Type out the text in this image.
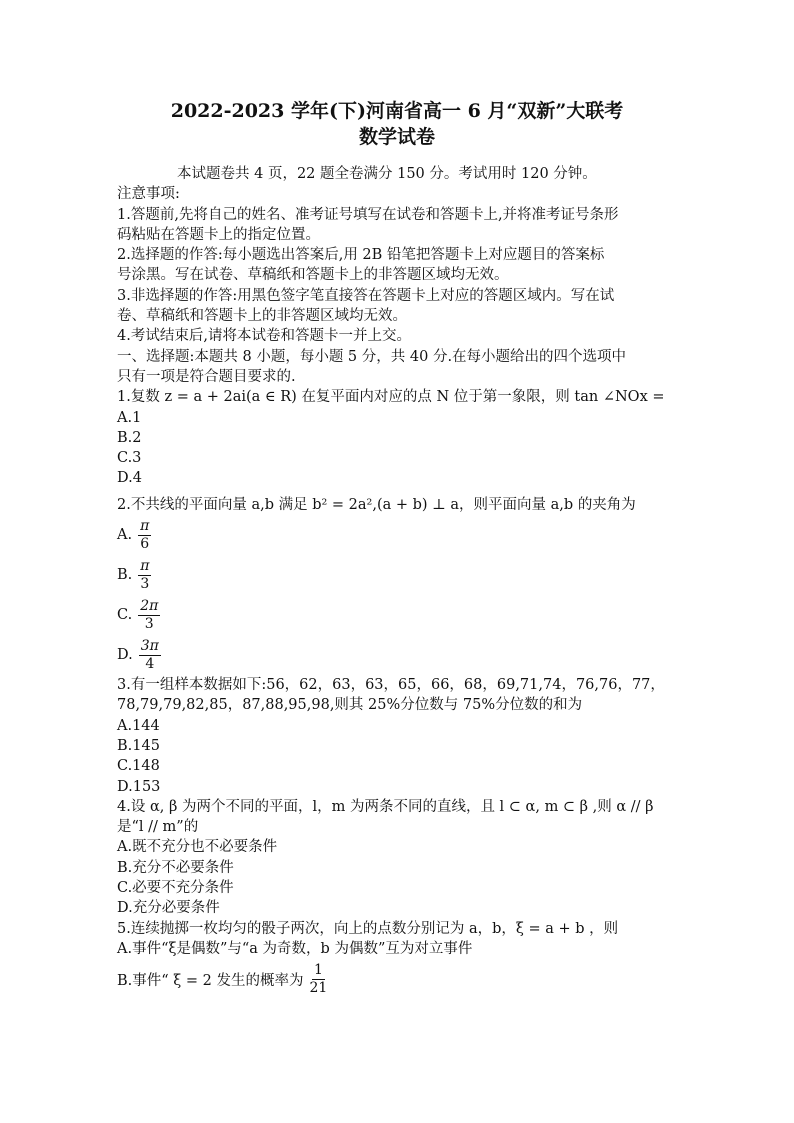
2022-2023 学年(下)河南省高一 6 月“双新”大联考

数学试卷

本试题卷共 4 页，22 题全卷满分 150 分。考试用时 120 分钟。

注意事项:

1.答题前,先将自己的姓名、准考证号填写在试卷和答题卡上,并将准考证号条形

码粘贴在答题卡上的指定位置。

2.选择题的作答:每小题选出答案后,用 2B 铅笔把答题卡上对应题目的答案标

号涂黑。写在试卷、草稿纸和答题卡上的非答题区域均无效。

3.非选择题的作答:用黑色签字笔直接答在答题卡上对应的答题区域内。写在试

卷、草稿纸和答题卡上的非答题区域均无效。

4.考试结束后,请将本试卷和答题卡一并上交。

一、选择题:本题共 8 小题，每小题 5 分，共 40 分.在每小题给出的四个选项中

只有一项是符合题目要求的.

1.复数 z = a + 2ai(a ∈ R) 在复平面内对应的点 N 位于第一象限，则 tan ∠NOx =

A.1

B.2

C.3

D.4

2.不共线的平面向量 a,b 满足 b² = 2a²,(a + b) ⊥ a，则平面向量 a,b 的夹角为

A. $\frac{\pi}{6}$
B. $\frac{\pi}{3}$
C. $\frac{2\pi}{3}$
D. $\frac{3\pi}{4}$

3.有一组样本数据如下:56，62，63，63，65，66，68，69,71,74，76,76，77，

78,79,79,82,85，87,88,95,98,则其 25%分位数与 75%分位数的和为

A.144

B.145

C.148

D.153

4.设 α, β 为两个不同的平面，l，m 为两条不同的直线，且 l ⊂ α, m ⊂ β ,则 α // β

是“l // m”的

A.既不充分也不必要条件

B.充分不必要条件

C.必要不充分条件

D.充分必要条件

5.连续抛掷一枚均匀的骰子两次，向上的点数分别记为 a，b，ξ = a + b ，则

A.事件“ξ是偶数”与“a 为奇数，b 为偶数”互为对立事件

B.事件“ ξ = 2 发生的概率为 $\frac{1}{21}$
